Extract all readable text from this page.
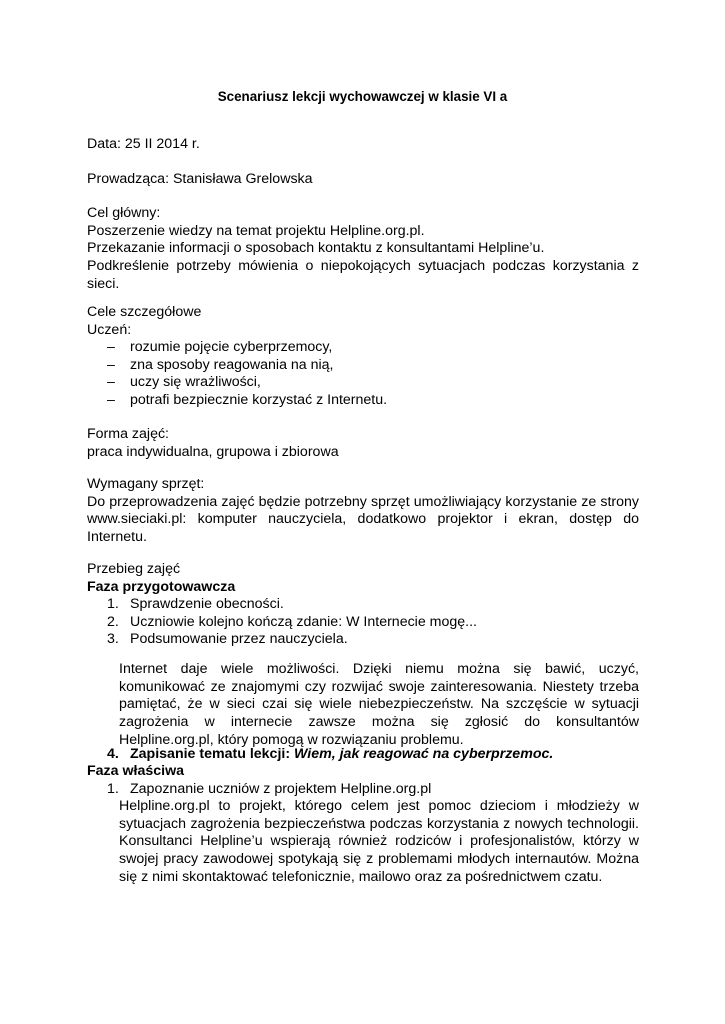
Scenariusz lekcji wychowawczej w klasie VI a
Data: 25 II 2014 r.
Prowadząca: Stanisława Grelowska
Cel główny:
Poszerzenie wiedzy na temat projektu Helpline.org.pl.
Przekazanie informacji o sposobach kontaktu z konsultantami Helpline’u.
Podkreślenie potrzeby mówienia o niepokojących sytuacjach podczas korzystania z sieci.
Cele szczegółowe
Uczeń:
– rozumie pojęcie cyberprzemocy,
– zna sposoby reagowania na nią,
– uczy się wrażliwości,
– potrafi bezpiecznie korzystać z Internetu.
Forma zajęć:
praca indywidualna, grupowa i zbiorowa
Wymagany sprzęt:
Do przeprowadzenia zajęć będzie potrzebny sprzęt umożliwiający korzystanie ze strony www.sieciaki.pl: komputer nauczyciela, dodatkowo projektor i ekran, dostęp do Internetu.
Przebieg zajęć
Faza przygotowawcza
1. Sprawdzenie obecności.
2. Uczniowie kolejno kończą zdanie: W Internecie mogę...
3. Podsumowanie przez nauczyciela.
Internet daje wiele możliwości. Dzięki niemu można się bawić, uczyć, komunikować ze znajomymi czy rozwijać swoje zainteresowania. Niestety trzeba pamiętać, że w sieci czai się wiele niebezpieczeństw. Na szczęście w sytuacji zagrożenia w internecie zawsze można się zgłosić do konsultantów Helpline.org.pl, który pomogą w rozwiązaniu problemu.
4. Zapisanie tematu lekcji: Wiem, jak reagować na cyberprzemoc.
Faza właściwa
1. Zapoznanie uczniów z projektem Helpline.org.pl
Helpline.org.pl to projekt, którego celem jest pomoc dzieciom i młodzieży w sytuacjach zagrożenia bezpieczeństwa podczas korzystania z nowych technologii. Konsultanci Helpline’u wspierają również rodziców i profesjonalistów, którzy w swojej pracy zawodowej spotykają się z problemami młodych internautów. Można się z nimi skontaktować telefonicznie, mailowo oraz za pośrednictwem czatu.
